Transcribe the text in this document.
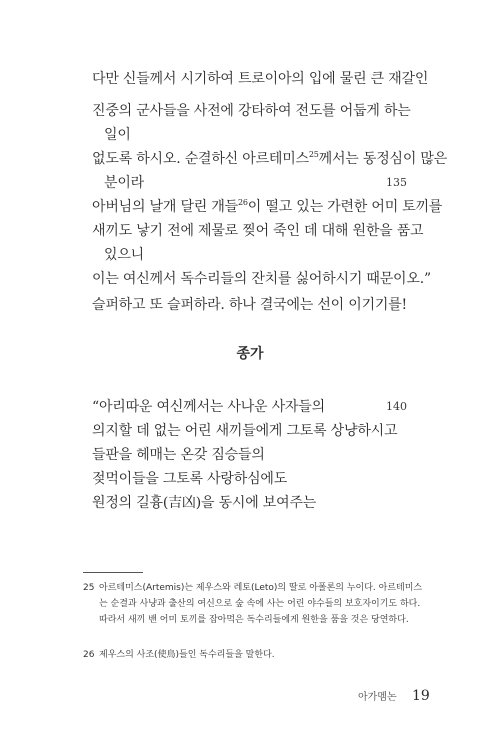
다만 신들께서 시기하여 트로이아의 입에 물린 큰 재갈인
진중의 군사들을 사전에 강타하여 전도를 어둡게 하는
일이
없도록 하시오. 순결하신 아르테미스$^{25}$께서는 동정심이 많은
분이라
아버님의 날개 달린 개들$^{26}$이 떨고 있는 가련한 어미 토끼를
새끼도 낳기 전에 제물로 찢어 죽인 데 대해 원한을 품고
있으니
이는 여신께서 독수리들의 잔치를 싫어하시기 때문이오.”
슬퍼하고 또 슬퍼하라. 하나 결국에는 선이 이기기를!
135
종가
“아리따운 여신께서는 사나운 사자들의
의지할 데 없는 어린 새끼들에게 그토록 상냥하시고
들판을 헤매는 온갖 짐승들의
젖먹이들을 그토록 사랑하심에도
원정의 길흉(吉凶)을 동시에 보여주는
140
25 아르테미스(Artemis)는 제우스와 레토(Leto)의 딸로 아폴론의 누이다. 아르테미스는 순결과 사냥과 출산의 여신으로 숲 속에 사는 어린 야수들의 보호자이기도 하다. 따라서 새끼 밴 어미 토끼를 잡아먹은 독수리들에게 원한을 품을 것은 당연하다.
26 제우스의 사조(使鳥)들인 독수리들을 말한다.
아가멤논 19
